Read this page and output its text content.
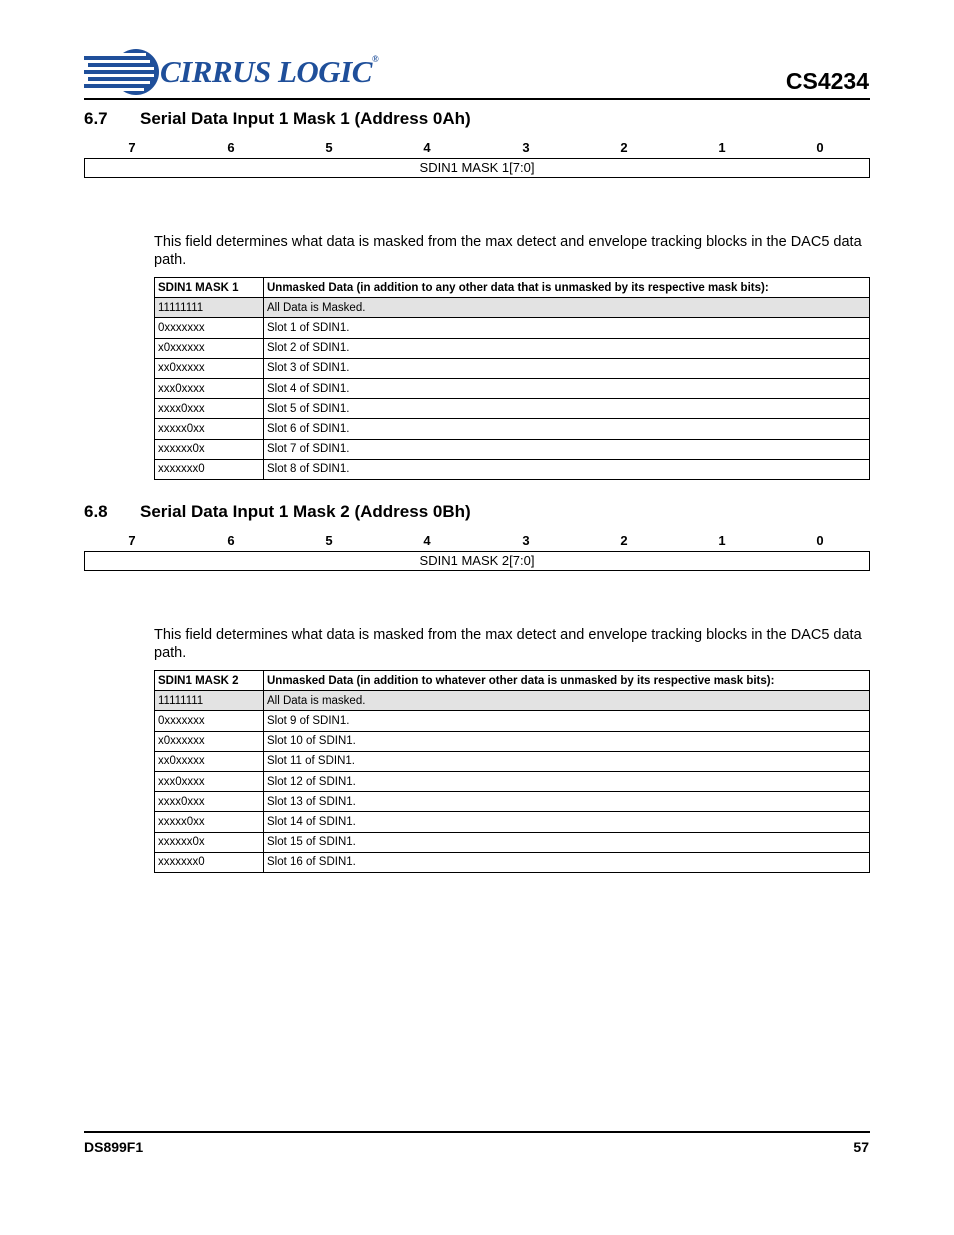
CIRRUS LOGIC®
CS4234
6.7 Serial Data Input 1 Mask 1 (Address 0Ah)
7	6	5	4	3	2	1	0
SDIN1 MASK 1[7:0]
This field determines what data is masked from the max detect and envelope tracking blocks in the DAC5 data path.
SDIN1 MASK 1	Unmasked Data (in addition to any other data that is unmasked by its respective mask bits):
11111111	All Data is Masked.
0xxxxxxx	Slot 1 of SDIN1.
x0xxxxxx	Slot 2 of SDIN1.
xx0xxxxx	Slot 3 of SDIN1.
xxx0xxxx	Slot 4 of SDIN1.
xxxx0xxx	Slot 5 of SDIN1.
xxxxx0xx	Slot 6 of SDIN1.
xxxxxx0x	Slot 7 of SDIN1.
xxxxxxx0	Slot 8 of SDIN1.
6.8 Serial Data Input 1 Mask 2 (Address 0Bh)
7	6	5	4	3	2	1	0
SDIN1 MASK 2[7:0]
This field determines what data is masked from the max detect and envelope tracking blocks in the DAC5 data path.
SDIN1 MASK 2	Unmasked Data (in addition to whatever other data is unmasked by its respective mask bits):
11111111	All Data is masked.
0xxxxxxx	Slot 9 of SDIN1.
x0xxxxxx	Slot 10 of SDIN1.
xx0xxxxx	Slot 11 of SDIN1.
xxx0xxxx	Slot 12 of SDIN1.
xxxx0xxx	Slot 13 of SDIN1.
xxxxx0xx	Slot 14 of SDIN1.
xxxxxx0x	Slot 15 of SDIN1.
xxxxxxx0	Slot 16 of SDIN1.
DS899F1	57
